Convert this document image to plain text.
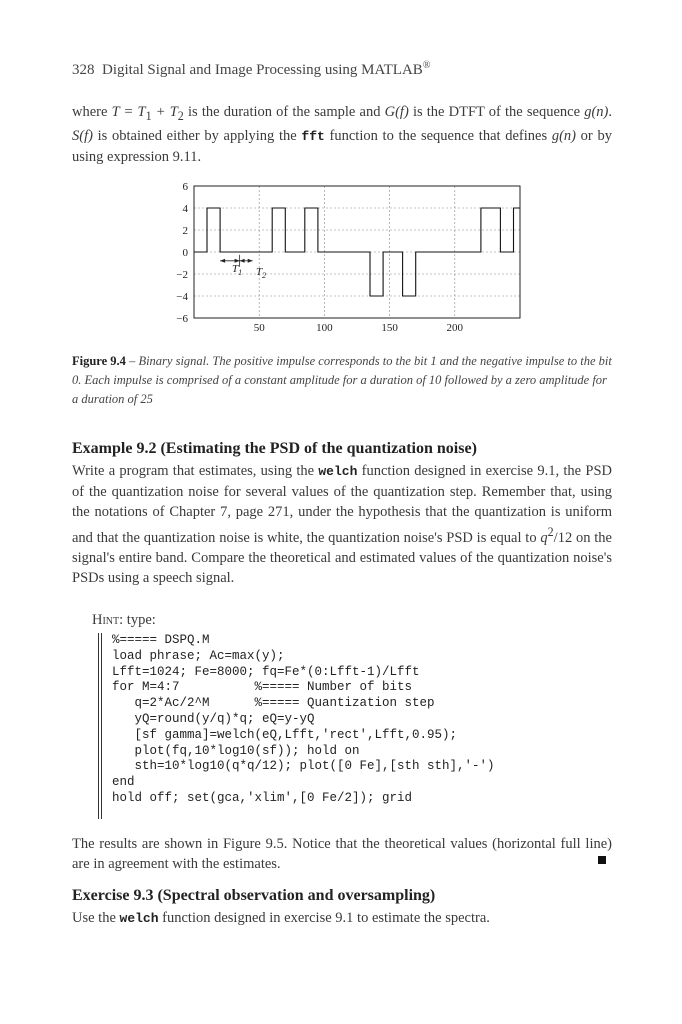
328 Digital Signal and Image Processing using MATLAB®
where $T = T_1 + T_2$ is the duration of the sample and G(f) is the DTFT of the sequence g(n). S(f) is obtained either by applying the fft function to the sequence that defines g(n) or by using expression 9.11.
6
4
2
0
−2
−4
−6
50	100	150	200
$T_1$ $T_2$
Figure 9.4 – Binary signal. The positive impulse corresponds to the bit 1 and the negative impulse to the bit 0. Each impulse is comprised of a constant amplitude for a duration of 10 followed by a zero amplitude for a duration of 25
Example 9.2 (Estimating the PSD of the quantization noise)
Write a program that estimates, using the welch function designed in exercise 9.1, the PSD of the quantization noise for several values of the quantization step. Remember that, using the notations of Chapter 7, page 271, under the hypothesis that the quantization is uniform and that the quantization noise is white, the quantization noise's PSD is equal to $q^2/12$ on the signal's entire band. Compare the theoretical and estimated values of the quantization noise's PSDs using a speech signal.
Hint: type:
%===== DSPQ.M
load phrase; Ac=max(y);
Lfft=1024; Fe=8000; fq=Fe*(0:Lfft-1)/Lfft
for M=4:7          %===== Number of bits
q=2*Ac/2^M      %===== Quantization step
yQ=round(y/q)*q; eQ=y-yQ
[sf gamma]=welch(eQ,Lfft,'rect',Lfft,0.95);
plot(fq,10*log10(sf)); hold on
sth=10*log10(q*q/12); plot([0 Fe],[sth sth],'-')
end
hold off; set(gca,'xlim',[0 Fe/2]); grid

The results are shown in Figure 9.5. Notice that the theoretical values (horizontal full line) are in agreement with the estimates.
Exercise 9.3 (Spectral observation and oversampling)
Use the welch function designed in exercise 9.1 to estimate the spectra.
